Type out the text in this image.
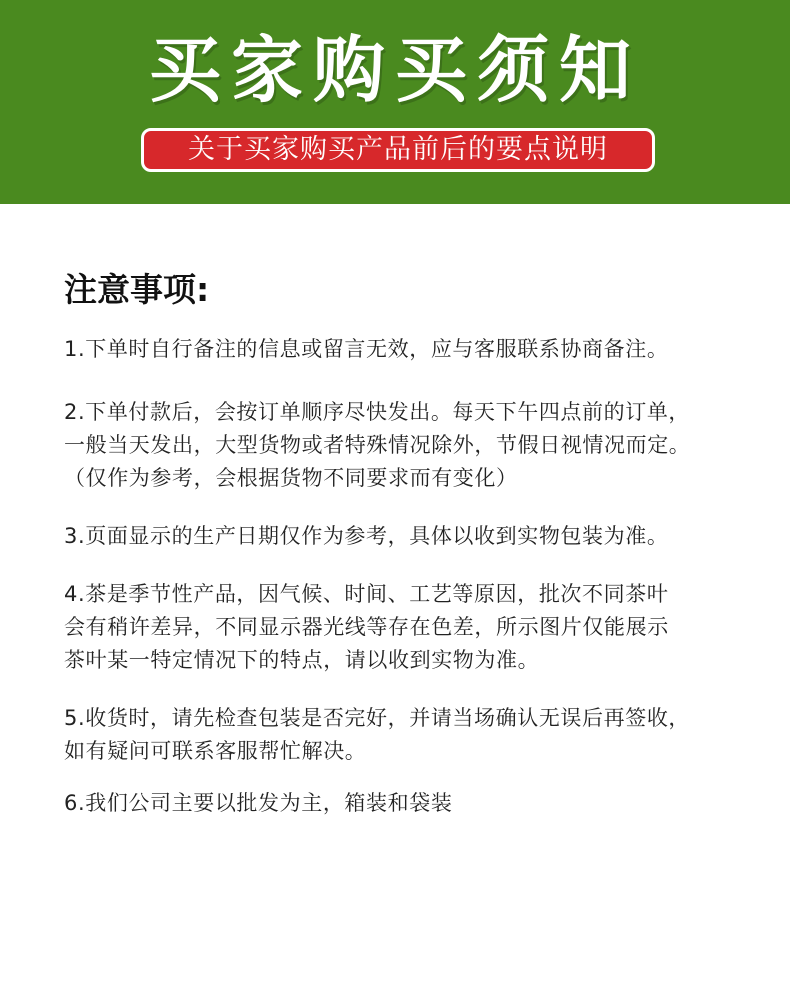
买家购买须知
关于买家购买产品前后的要点说明
注意事项:
1.下单时自行备注的信息或留言无效，应与客服联系协商备注。
2.下单付款后，会按订单顺序尽快发出。每天下午四点前的订单，
一般当天发出，大型货物或者特殊情况除外，节假日视情况而定。
（仅作为参考，会根据货物不同要求而有变化）
3.页面显示的生产日期仅作为参考，具体以收到实物包装为准。
4.茶是季节性产品，因气候、时间、工艺等原因，批次不同茶叶
会有稍许差异，不同显示器光线等存在色差，所示图片仅能展示
茶叶某一特定情况下的特点，请以收到实物为准。
5.收货时，请先检查包装是否完好，并请当场确认无误后再签收，
如有疑问可联系客服帮忙解决。
6.我们公司主要以批发为主，箱装和袋装
